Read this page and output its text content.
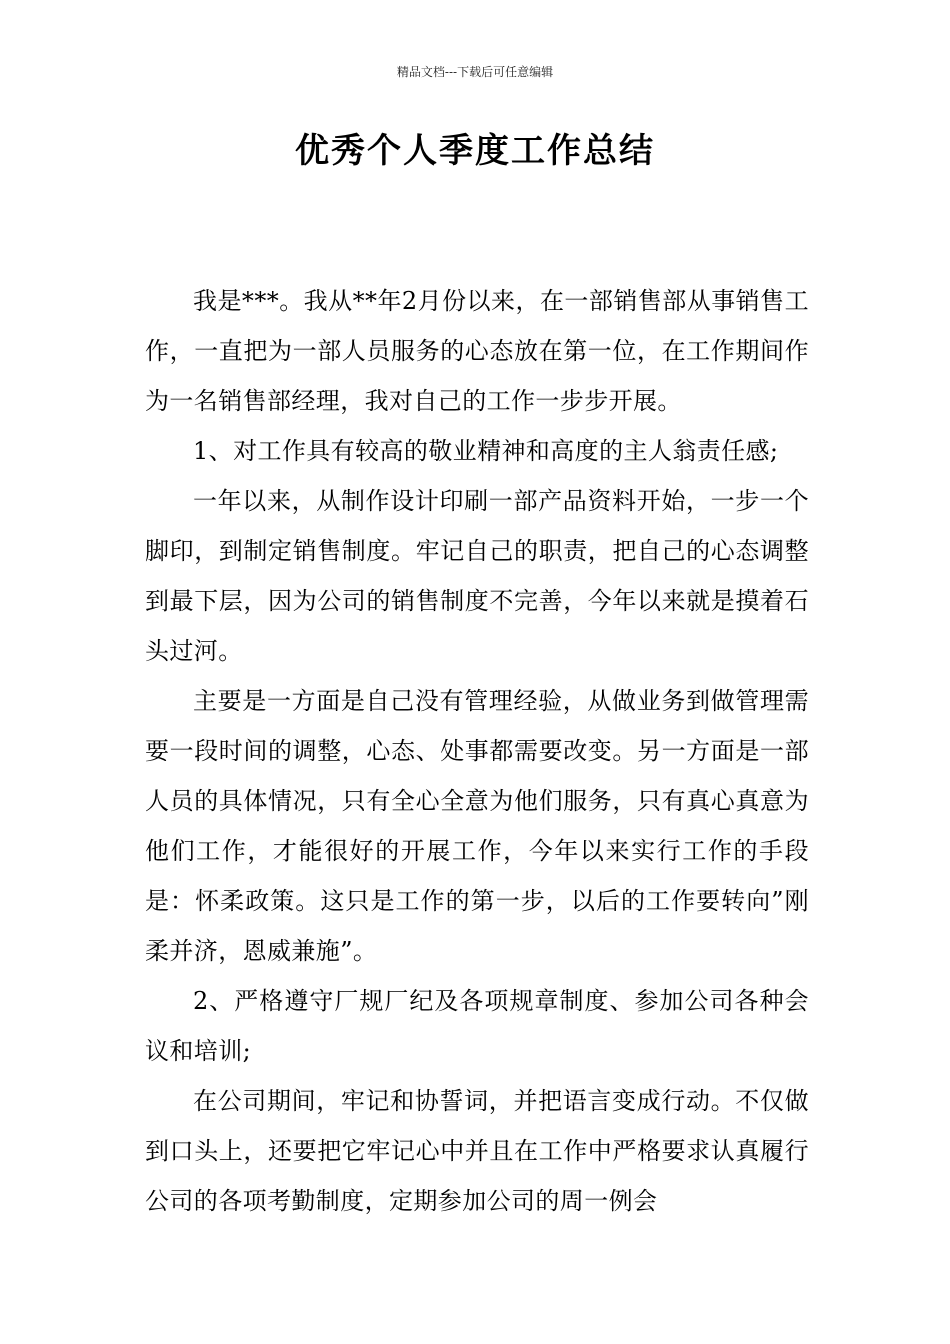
精品文档---下载后可任意编辑
优秀个人季度工作总结

我是***。我从**年2月份以来，在一部销售部从事销售工作，一直把为一部人员服务的心态放在第一位，在工作期间作为一名销售部经理，我对自己的工作一步步开展。

1、对工作具有较高的敬业精神和高度的主人翁责任感;

一年以来，从制作设计印刷一部产品资料开始，一步一个脚印，到制定销售制度。牢记自己的职责，把自己的心态调整到最下层，因为公司的销售制度不完善，今年以来就是摸着石头过河。

主要是一方面是自己没有管理经验，从做业务到做管理需要一段时间的调整，心态、处事都需要改变。另一方面是一部人员的具体情况，只有全心全意为他们服务，只有真心真意为他们工作，才能很好的开展工作，今年以来实行工作的手段是：怀柔政策。这只是工作的第一步，以后的工作要转向”刚柔并济，恩威兼施”。

2、严格遵守厂规厂纪及各项规章制度、参加公司各种会议和培训;

在公司期间，牢记和协誓词，并把语言变成行动。不仅做到口头上，还要把它牢记心中并且在工作中严格要求认真履行公司的各项考勤制度，定期参加公司的周一例会
